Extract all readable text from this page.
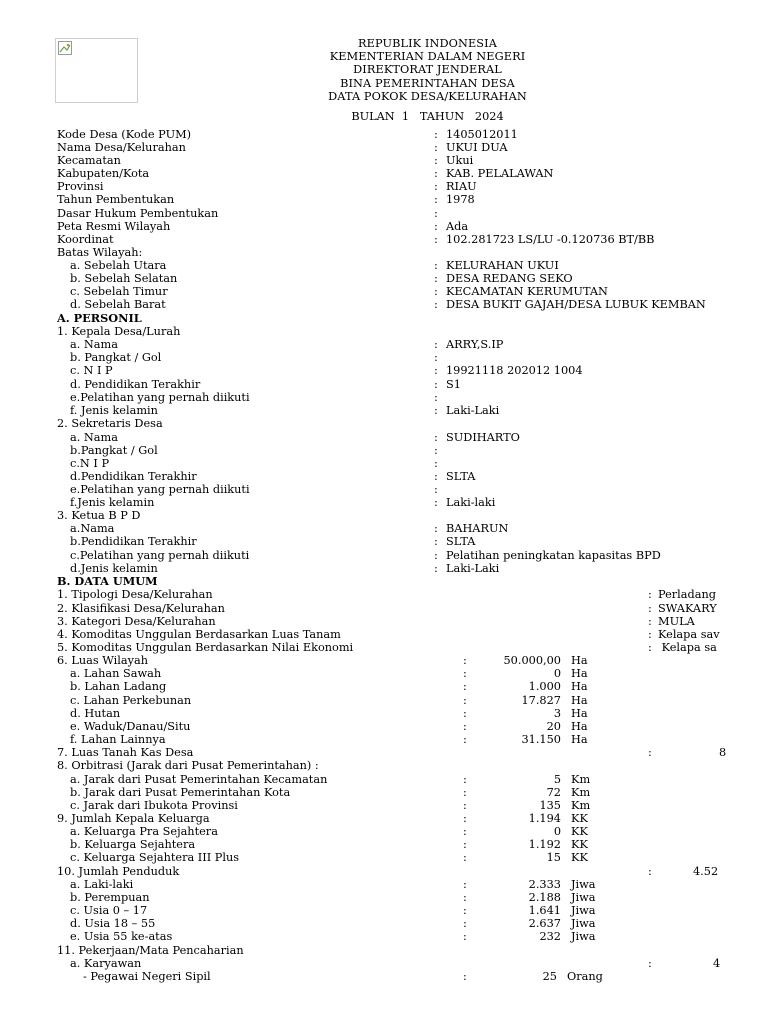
REPUBLIK INDONESIA
KEMENTERIAN DALAM NEGERI
DIREKTORAT JENDERAL
BINA PEMERINTAHAN DESA
DATA POKOK DESA/KELURAHAN
BULAN  1   TAHUN   2024
Kode Desa (Kode PUM)	: 1405012011
Nama Desa/Kelurahan	: UKUI DUA
Kecamatan	: Ukui
Kabupaten/Kota	: KAB. PELALAWAN
Provinsi	: RIAU
Tahun Pembentukan	: 1978
Dasar Hukum Pembentukan	:
Peta Resmi Wilayah	: Ada
Koordinat	: 102.281723 LS/LU -0.120736 BT/BB
Batas Wilayah:
a. Sebelah Utara	: KELURAHAN UKUI
b. Sebelah Selatan	: DESA REDANG SEKO
c. Sebelah Timur	: KECAMATAN KERUMUTAN
d. Sebelah Barat	: DESA BUKIT GAJAH/DESA LUBUK KEMBAN
A. PERSONIL
1. Kepala Desa/Lurah
a. Nama	: ARRY,S.IP
b. Pangkat / Gol	:
c. N I P	: 19921118 202012 1004
d. Pendidikan Terakhir	: S1
e.Pelatihan yang pernah diikuti	:
f. Jenis kelamin	: Laki-Laki
2. Sekretaris Desa
a. Nama	: SUDIHARTO
b.Pangkat / Gol	:
c.N I P	:
d.Pendidikan Terakhir	: SLTA
e.Pelatihan yang pernah diikuti	:
f.Jenis kelamin	: Laki-laki
3. Ketua B P D
a.Nama	: BAHARUN
b.Pendidikan Terakhir	: SLTA
c.Pelatihan yang pernah diikuti	: Pelatihan peningkatan kapasitas BPD
d.Jenis kelamin	: Laki-Laki
B. DATA UMUM
1. Tipologi Desa/Kelurahan	: Perladang
2. Klasifikasi Desa/Kelurahan	: SWAKARY
3. Kategori Desa/Kelurahan	: MULA
4. Komoditas Unggulan Berdasarkan Luas Tanam	: Kelapa sav
5. Komoditas Unggulan Berdasarkan Nilai Ekonomi	: Kelapa sa
6. Luas Wilayah	:	50.000,00 Ha
a. Lahan Sawah	:	0 Ha
b. Lahan Ladang	:	1.000 Ha
c. Lahan Perkebunan	:	17.827 Ha
d. Hutan	:	3 Ha
e. Waduk/Danau/Situ	:	20 Ha
f. Lahan Lainnya	:	31.150 Ha
7. Luas Tanah Kas Desa	:	8
8. Orbitrasi (Jarak dari Pusat Pemerintahan) :
a. Jarak dari Pusat Pemerintahan Kecamatan	:	5 Km
b. Jarak dari Pusat Pemerintahan Kota	:	72 Km
c. Jarak dari Ibukota Provinsi	:	135 Km
9. Jumlah Kepala Keluarga	:	1.194 KK
a. Keluarga Pra Sejahtera	:	0 KK
b. Keluarga Sejahtera	:	1.192 KK
c. Keluarga Sejahtera III Plus	:	15 KK
10. Jumlah Penduduk	:	4.52
a. Laki-laki	:	2.333 Jiwa
b. Perempuan	:	2.188 Jiwa
c. Usia 0 – 17	:	1.641 Jiwa
d. Usia 18 – 55	:	2.637 Jiwa
e. Usia 55 ke-atas	:	232 Jiwa
11. Pekerjaan/Mata Pencaharian
a. Karyawan	:	4
- Pegawai Negeri Sipil	:	25 Orang
